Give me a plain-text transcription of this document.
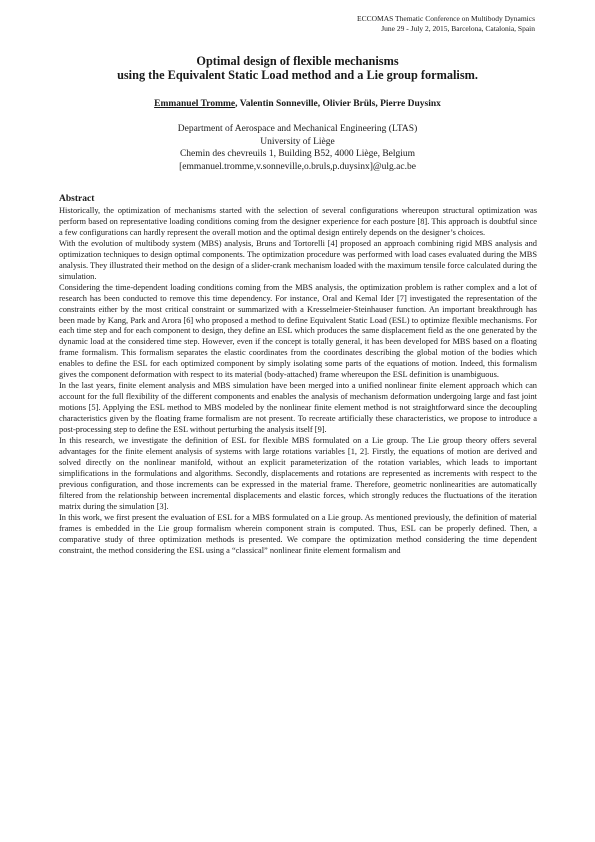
ECCOMAS Thematic Conference on Multibody Dynamics
June 29 - July 2, 2015, Barcelona, Catalonia, Spain
Optimal design of flexible mechanisms
using the Equivalent Static Load method and a Lie group formalism.
Emmanuel Tromme, Valentin Sonneville, Olivier Brüls, Pierre Duysinx
Department of Aerospace and Mechanical Engineering (LTAS)
University of Liège
Chemin des chevreuils 1, Building B52, 4000 Liège, Belgium
[emmanuel.tromme,v.sonneville,o.bruls,p.duysinx]@ulg.ac.be
Abstract

Historically, the optimization of mechanisms started with the selection of several configurations whereupon structural optimization was perform based on representative loading conditions coming from the designer experience for each posture [8]. This approach is doubtful since a few configurations can hardly represent the overall motion and the optimal design entirely depends on the designer’s choices.

With the evolution of multibody system (MBS) analysis, Bruns and Tortorelli [4] proposed an approach combining rigid MBS analysis and optimization techniques to design optimal components. The optimization procedure was performed with load cases evaluated during the MBS analysis. They illustrated their method on the design of a slider-crank mechanism loaded with the maximum tensile force calculated during the simulation.

Considering the time-dependent loading conditions coming from the MBS analysis, the optimization problem is rather complex and a lot of research has been conducted to remove this time dependency. For instance, Oral and Kemal Ider [7] investigated the representation of the constraints either by the most critical constraint or summarized with a Kresselmeier-Steinhauser function. An important breakthrough has been made by Kang, Park and Arora [6] who proposed a method to define Equivalent Static Load (ESL) to optimize flexible mechanisms. For each time step and for each component to design, they define an ESL which produces the same displacement field as the one generated by the dynamic load at the considered time step. However, even if the concept is totally general, it has been developed for MBS based on a floating frame formalism. This formalism separates the elastic coordinates from the coordinates describing the global motion of the bodies which enables to define the ESL for each optimized component by simply isolating some parts of the equations of motion. Indeed, this formalism gives the component deformation with respect to its material (body-attached) frame whereupon the ESL definition is unambiguous.

In the last years, finite element analysis and MBS simulation have been merged into a unified nonlinear finite element approach which can account for the full flexibility of the different components and enables the analysis of mechanism deformation undergoing large and fast joint motions [5]. Applying the ESL method to MBS modeled by the nonlinear finite element method is not straightforward since the decoupling characteristics given by the floating frame formalism are not present. To recreate artificially these characteristics, we propose to introduce a post-processing step to define the ESL without perturbing the analysis itself [9].

In this research, we investigate the definition of ESL for flexible MBS formulated on a Lie group. The Lie group theory offers several advantages for the finite element analysis of systems with large rotations variables [1, 2]. Firstly, the equations of motion are derived and solved directly on the nonlinear manifold, without an explicit parameterization of the rotation variables, which leads to important simplifications in the formulations and algorithms. Secondly, displacements and rotations are represented as increments with respect to the previous configuration, and those increments can be expressed in the material frame. Therefore, geometric nonlinearities are automatically filtered from the relationship between incremental displacements and elastic forces, which strongly reduces the fluctuations of the iteration matrix during the simulation [3].

In this work, we first present the evaluation of ESL for a MBS formulated on a Lie group. As mentioned previously, the definition of material frames is embedded in the Lie group formalism wherein component strain is computed. Thus, ESL can be properly defined. Then, a comparative study of three optimization methods is presented. We compare the optimization method considering the time dependent constraint, the method considering the ESL using a “classical” nonlinear finite element formalism and
